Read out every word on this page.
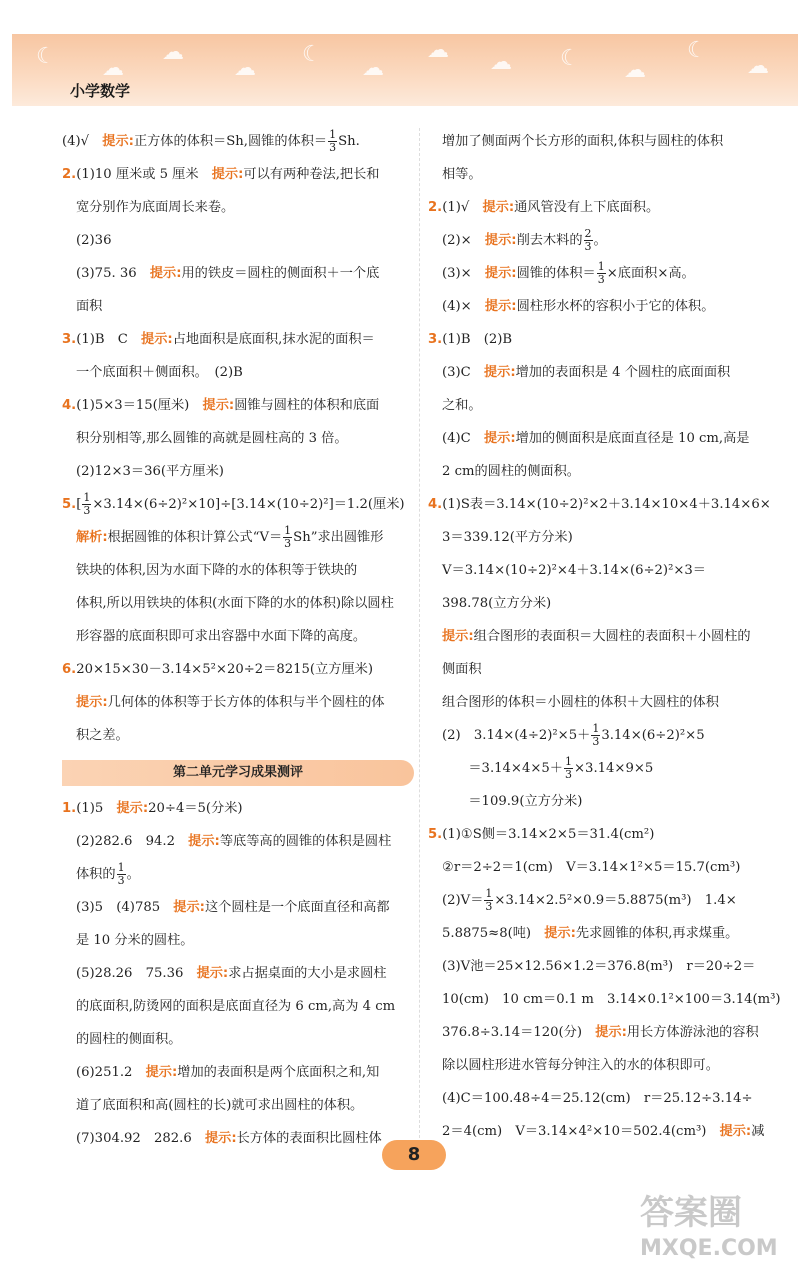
☾ ☁
☁
☁
☾
☁
☁ ☁ ☾ ☁
☾
☁
小学数学
(4)√　提示:正方体的体积＝Sh,圆锥的体积＝ $\frac{1}{3} Sh$.
2.(1)10 厘米或 5 厘米　提示:可以有两种卷法,把长和
宽分别作为底面周长来卷。
(2)36
(3)75. 36　提示:用的铁皮＝圆柱的侧面积＋一个底
面积
3.(1)B　C　提示:占地面积是底面积,抹水泥的面积＝
一个底面积＋侧面积。　(2)B
4.(1)5×3＝15(厘米)　提示:圆锥与圆柱的体积和底面
积分别相等,那么圆锥的高就是圆柱高的 3 倍。
(2)12×3＝36(平方厘米)
$5.[ \frac{1}{3} \times 3.14\times(6\div 2)^2\times 10]\div[3.14\times(10\div 2)^2]=1.2$(厘米)
解析:根据圆锥的体积计算公式“$V= \frac{1}{3} Sh$”求出圆锥形
铁块的体积,因为水面下降的水的体积等于铁块的
体积,所以用铁块的体积(水面下降的水的体积)除以圆柱
形容器的底面积即可求出容器中水面下降的高度。
6.20×15×30－3.14×5²×20÷2＝8215(立方厘米)
提示:几何体的体积等于长方体的体积与半个圆柱的体
积之差。
第二单元学习成果测评
1.(1)5　提示:20÷4＝5(分米)
(2)282.6　94.2　提示:等底等高的圆锥的体积是圆柱
体积的 $\frac{1}{3}$ 。
(3)5　(4)785　提示:这个圆柱是一个底面直径和高都
是 10 分米的圆柱。
(5)28.26　75.36　提示:求占据桌面的大小是求圆柱
的底面积,防烫网的面积是底面直径为 6 cm,高为 4 cm
的圆柱的侧面积。
(6)251.2　提示:增加的表面积是两个底面积之和,知
道了底面积和高(圆柱的长)就可求出圆柱的体积。
(7)304.92　282.6　提示:长方体的表面积比圆柱体
增加了侧面两个长方形的面积,体积与圆柱的体积
相等。
2.(1)√　提示:通风管没有上下底面积。
(2)×　提示:削去木料的 $\frac{2}{3}$ 。
(3)×　提示:圆锥的体积＝ $\frac{1}{3}$ ×底面积×高。
(4)×　提示:圆柱形水杯的容积小于它的体积。
3.(1)B　(2)B
(3)C　提示:增加的表面积是 4 个圆柱的底面面积
之和。
(4)C　提示:增加的侧面积是底面直径是 10 cm,高是
2 cm的圆柱的侧面积。
4.(1)S表＝3.14×(10÷2)²×2＋3.14×10×4＋3.14×6×
3＝339.12(平方分米)
V＝3.14×(10÷2)²×4＋3.14×(6÷2)²×3＝
398.78(立方分米)
提示:组合图形的表面积＝大圆柱的表面积＋小圆柱的
侧面积
组合图形的体积＝小圆柱的体积＋大圆柱的体积
(2)　$3.14\times(4\div 2)^2\times 5+ \frac{1}{3} 3.14\times(6\div 2)^2\times 5$
　　$=3.14\times 4\times 5+ \frac{1}{3} \times 3.14\times 9\times 5$
　　＝109.9(立方分米)
5.(1)①S侧＝3.14×2×5＝31.4(cm²)
②r＝2÷2＝1(cm)　V＝3.14×1²×5＝15.7(cm³)
$(2)V= \frac{1}{3} \times 3.14\times 2.5^2\times 0.9=5.8875(m^3)$　1.4×
5.8875≈8(吨)　提示:先求圆锥的体积,再求煤重。
(3)V池＝25×12.56×1.2＝376.8(m³)　r＝20÷2＝
10(cm)　10 cm＝0.1 m　3.14×0.1²×100＝3.14(m³)
376.8÷3.14＝120(分)　提示:用长方体游泳池的容积
除以圆柱形进水管每分钟注入的水的体积即可。
(4)C＝100.48÷4＝25.12(cm)　r＝25.12÷3.14÷
2＝4(cm)　V＝3.14×4²×10＝502.4(cm³)　提示:减
8
答案圈
MXQE.COM
